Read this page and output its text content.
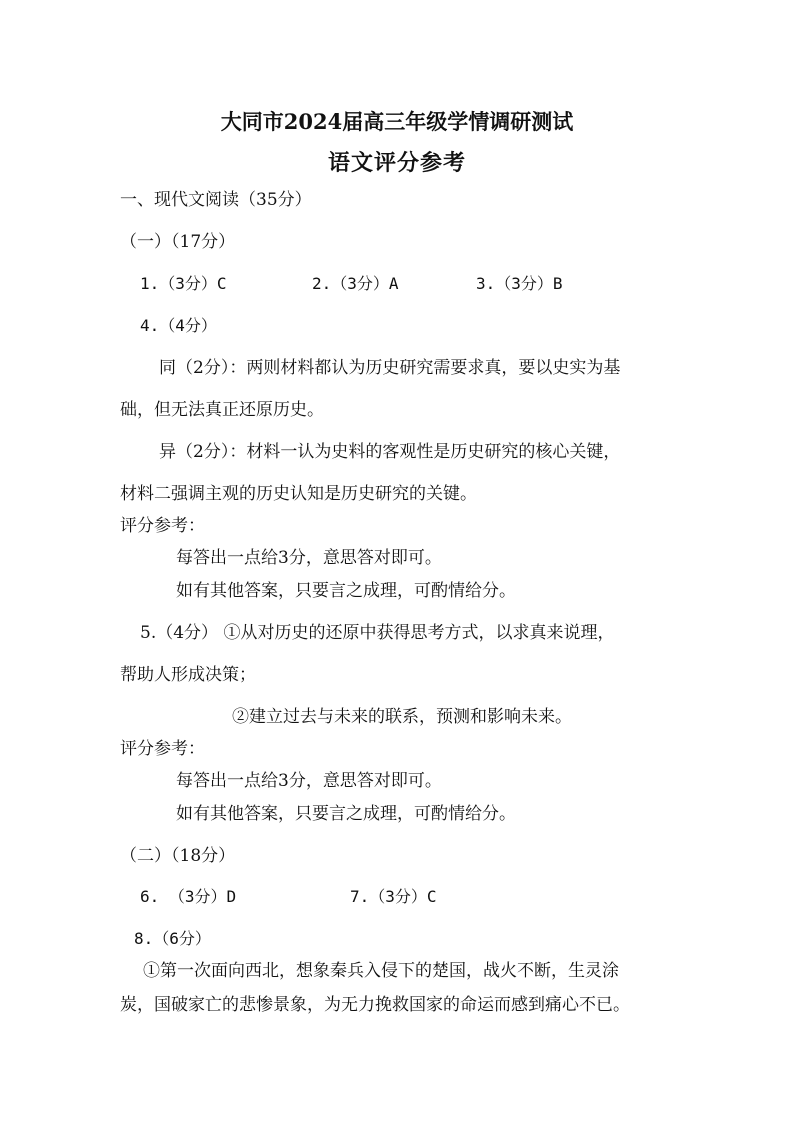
大同市2024届高三年级学情调研测试
语文评分参考
一、现代文阅读（35分）
（一）（17分）
1.（3分）C	2.（3分）A	3.（3分）B
4.（4分）
同（2分）：两则材料都认为历史研究需要求真，要以史实为基
础，但无法真正还原历史。
异（2分）：材料一认为史料的客观性是历史研究的核心关键，
材料二强调主观的历史认知是历史研究的关键。
评分参考：
每答出一点给3分，意思答对即可。
如有其他答案，只要言之成理，可酌情给分。
5.（4分） ①从对历史的还原中获得思考方式，以求真来说理，
帮助人形成决策；
②建立过去与未来的联系，预测和影响未来。
评分参考：
每答出一点给3分，意思答对即可。
如有其他答案，只要言之成理，可酌情给分。
（二）（18分）
6. （3分）D	7.（3分）C
8.（6分）
①第一次面向西北，想象秦兵入侵下的楚国，战火不断，生灵涂
炭，国破家亡的悲惨景象，为无力挽救国家的命运而感到痛心不已。
